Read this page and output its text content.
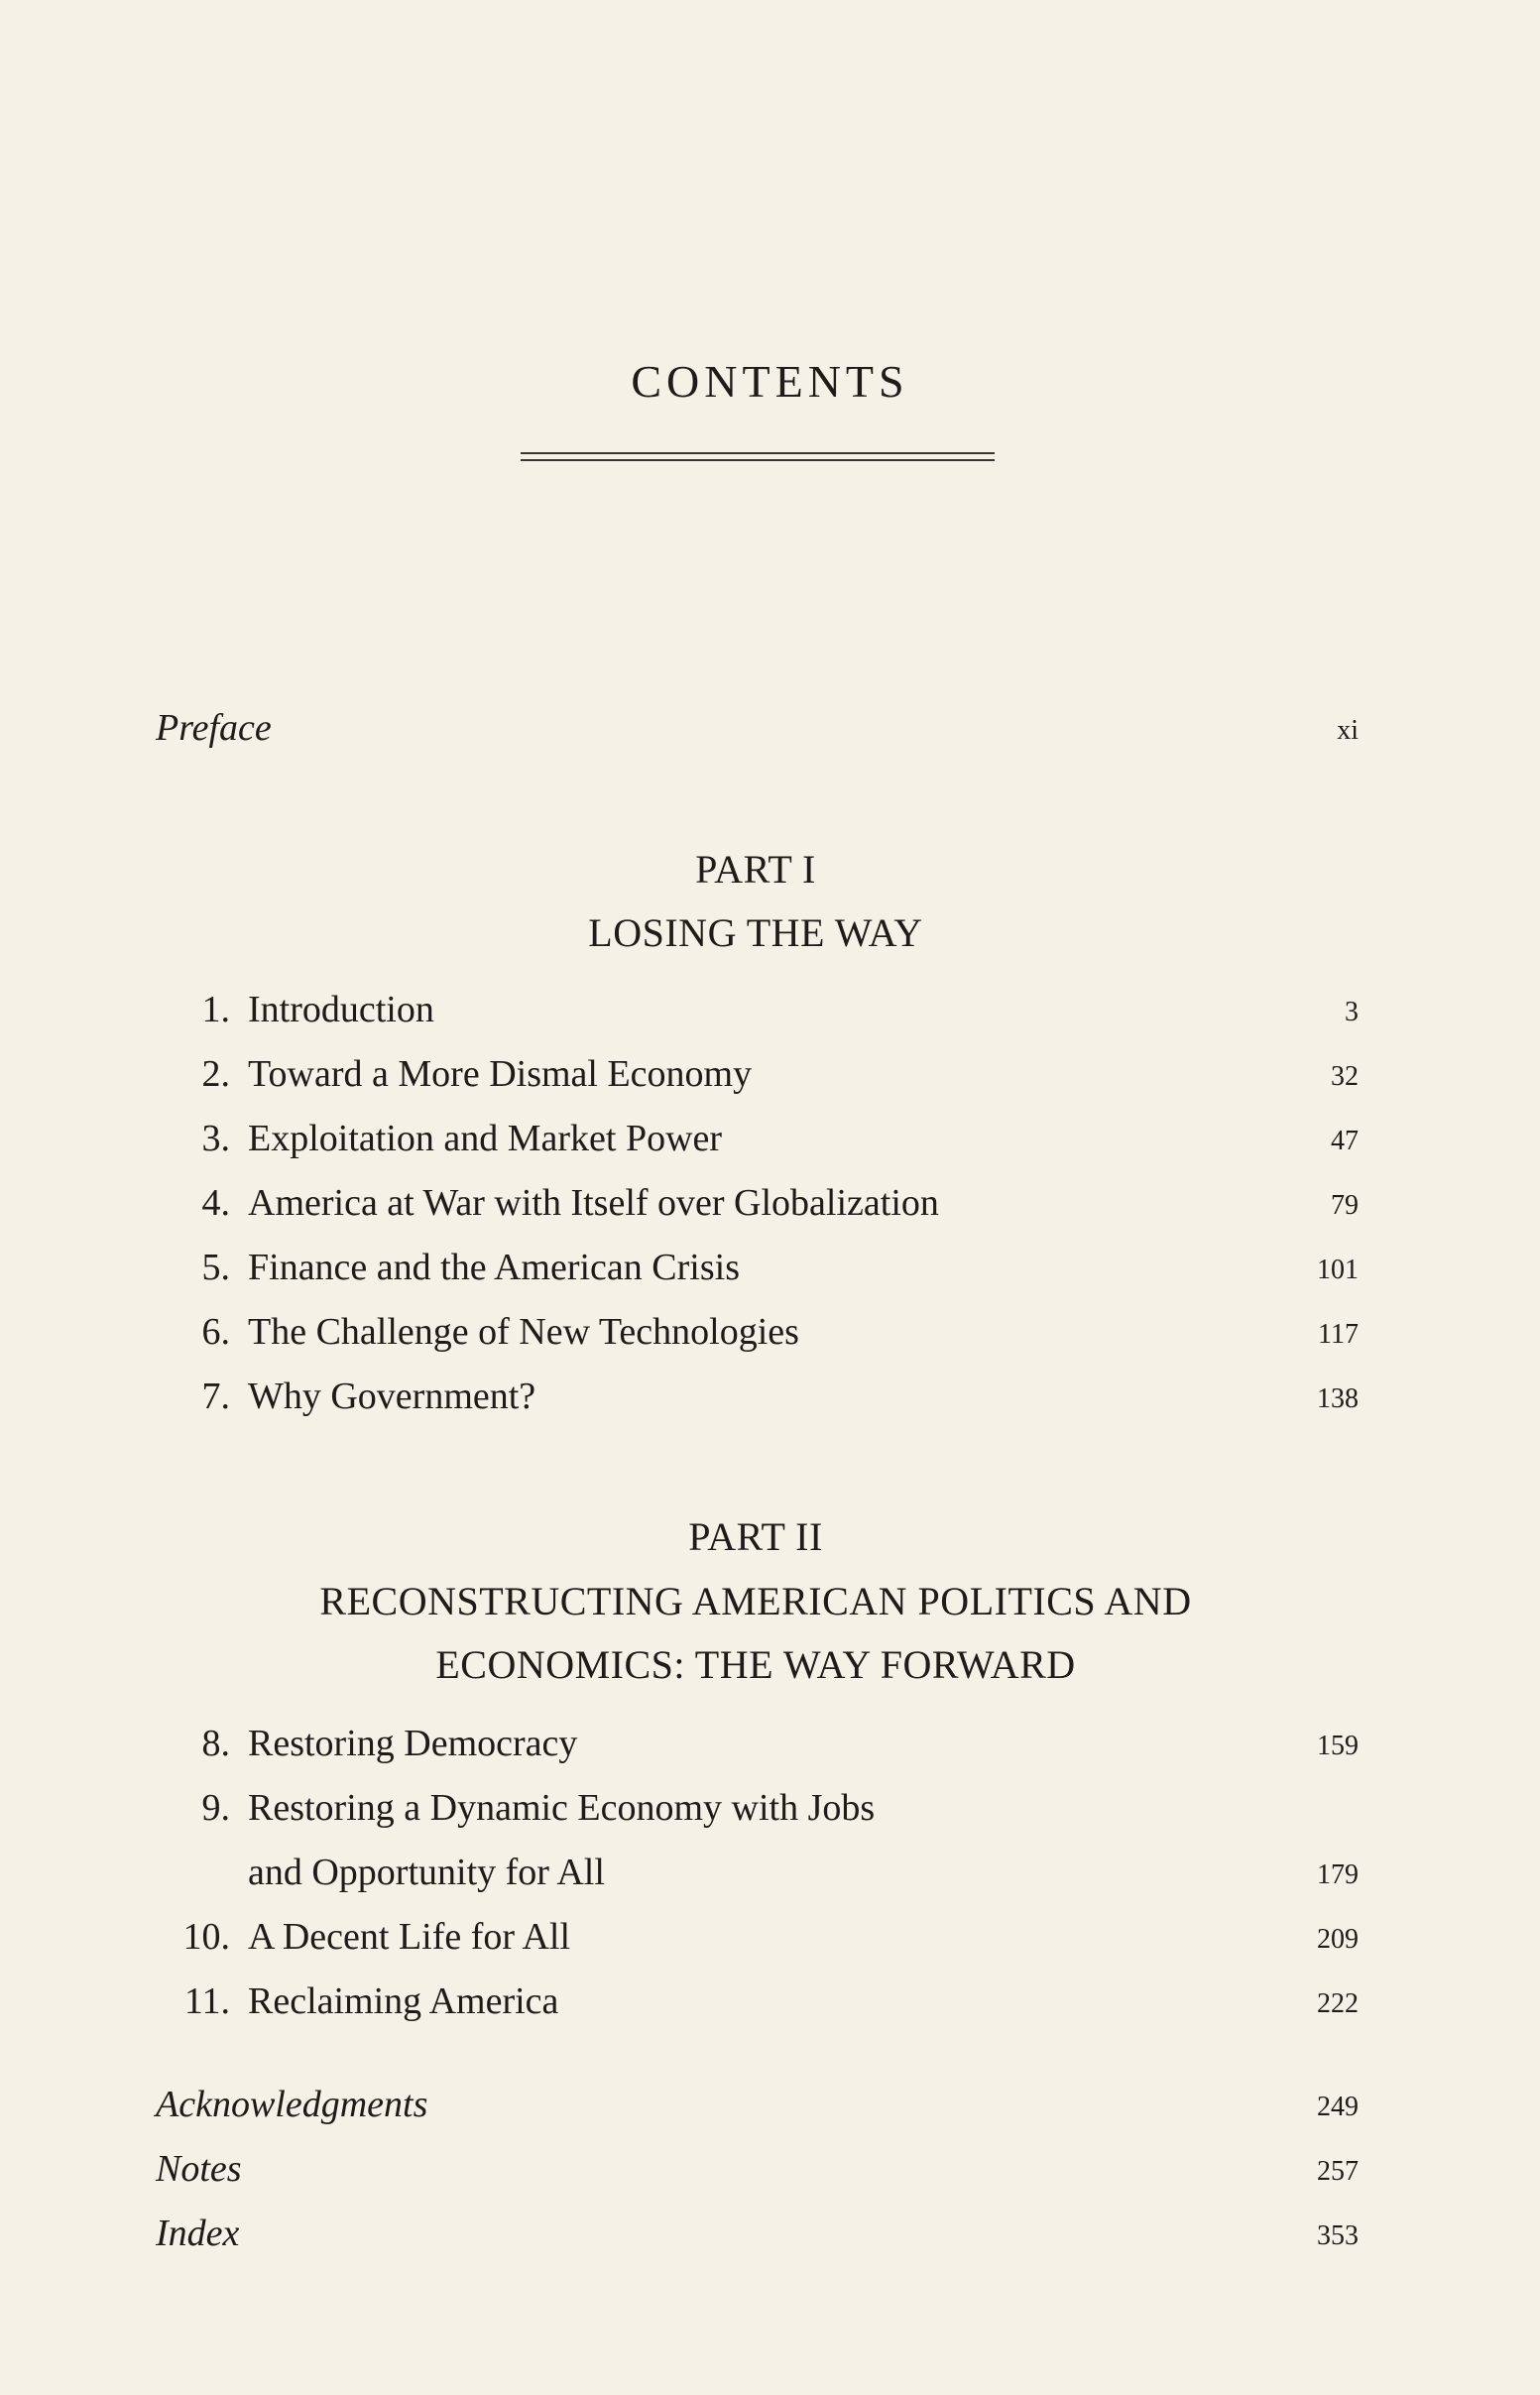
CONTENTS
Preface	xi
PART I
LOSING THE WAY
1. Introduction	3
2. Toward a More Dismal Economy	32
3. Exploitation and Market Power	47
4. America at War with Itself over Globalization	79
5. Finance and the American Crisis	101
6. The Challenge of New Technologies	117
7. Why Government?	138
PART II
RECONSTRUCTING AMERICAN POLITICS AND
ECONOMICS: THE WAY FORWARD
8. Restoring Democracy	159
9. Restoring a Dynamic Economy with Jobs
and Opportunity for All	179
10. A Decent Life for All	209
11. Reclaiming America	222
Acknowledgments	249
Notes	257
Index	353
